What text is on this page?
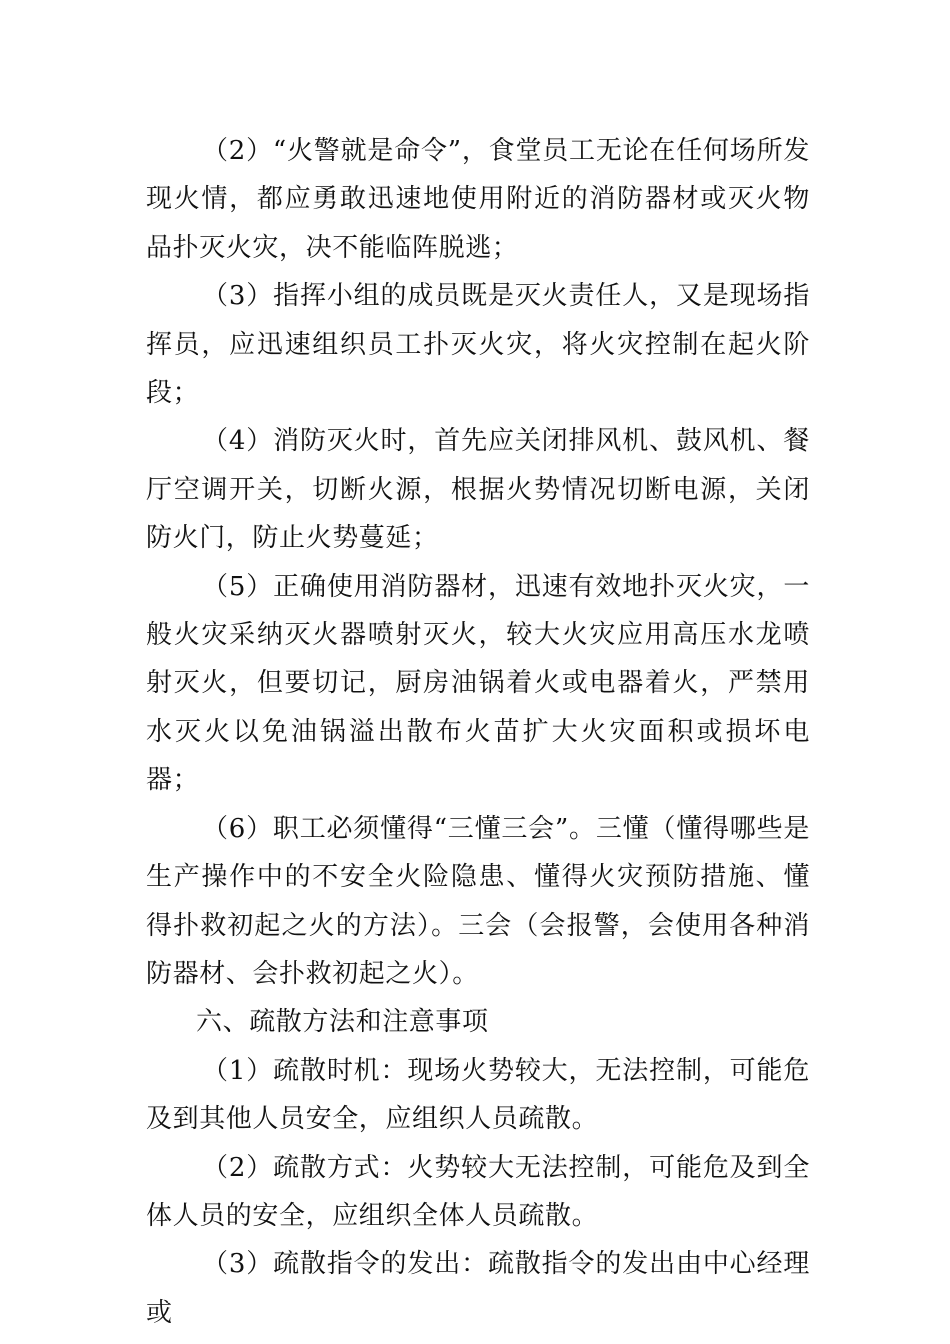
（2）“火警就是命令”，食堂员工无论在任何场所发现火情，都应勇敢迅速地使用附近的消防器材或灭火物品扑灭火灾，决不能临阵脱逃；

（3）指挥小组的成员既是灭火责任人，又是现场指挥员，应迅速组织员工扑灭火灾，将火灾控制在起火阶段；

（4）消防灭火时，首先应关闭排风机、鼓风机、餐厅空调开关，切断火源，根据火势情况切断电源，关闭防火门，防止火势蔓延；

（5）正确使用消防器材，迅速有效地扑灭火灾，一般火灾采纳灭火器喷射灭火，较大火灾应用高压水龙喷射灭火，但要切记，厨房油锅着火或电器着火，严禁用水灭火以免油锅溢出散布火苗扩大火灾面积或损坏电器；

（6）职工必须懂得“三懂三会”。三懂（懂得哪些是生产操作中的不安全火险隐患、懂得火灾预防措施、懂得扑救初起之火的方法）。三会（会报警，会使用各种消防器材、会扑救初起之火）。

六、疏散方法和注意事项

（1）疏散时机：现场火势较大，无法控制，可能危及到其他人员安全，应组织人员疏散。

（2）疏散方式：火势较大无法控制，可能危及到全体人员的安全，应组织全体人员疏散。

（3）疏散指令的发出：疏散指令的发出由中心经理或
